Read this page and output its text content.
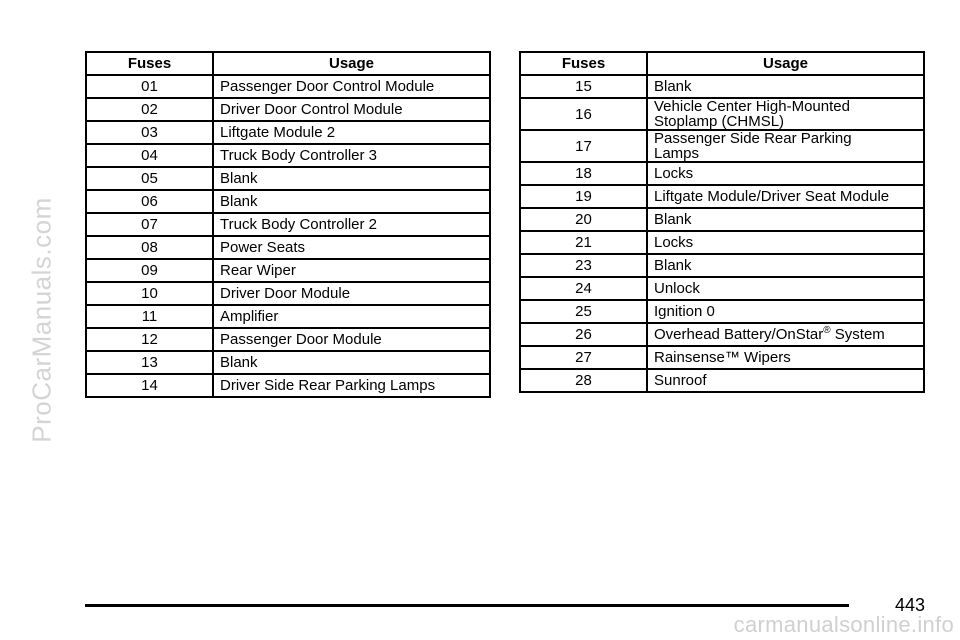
ProCarManuals.com
Fuses	Usage
01	Passenger Door Control Module
02	Driver Door Control Module
03	Liftgate Module 2
04	Truck Body Controller 3
05	Blank
06	Blank
07	Truck Body Controller 2
08	Power Seats
09	Rear Wiper
10	Driver Door Module
11	Amplifier
12	Passenger Door Module
13	Blank
14	Driver Side Rear Parking Lamps
Fuses	Usage
15	Blank
16	Vehicle Center High-Mounted
Stoplamp (CHMSL)
17	Passenger Side Rear Parking
Lamps
18	Locks
19	Liftgate Module/Driver Seat Module
20	Blank
21	Locks
23	Blank
24	Unlock
25	Ignition 0
26	Overhead Battery/OnStar® System
27	Rainsense™ Wipers
28	Sunroof
443
carmanualsonline.info
